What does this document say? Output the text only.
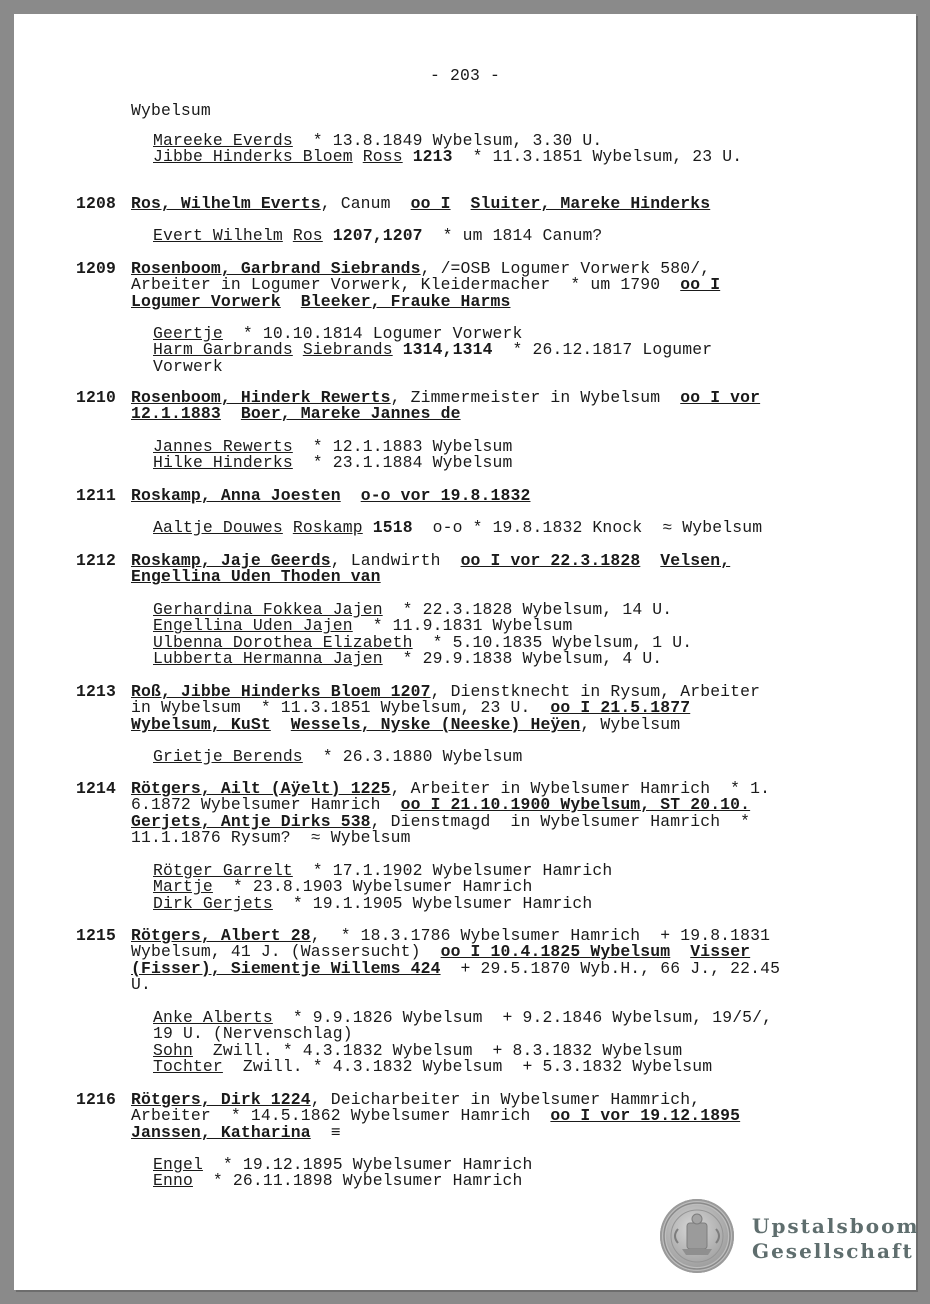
- 203 -
Wybelsum
Mareeke Everds  * 13.8.1849 Wybelsum, 3.30 U.
Jibbe Hinderks Bloem Ross 1213  * 11.3.1851 Wybelsum, 23 U.
1208 Ros, Wilhelm Everts, Canum  oo I Sluiter, Mareke Hinderks
Evert Wilhelm Ros 1207,1207  * um 1814 Canum?
1209 Rosenboom, Garbrand Siebrands, /=OSB Logumer Vorwerk 580/,
Arbeiter in Logumer Vorwerk, Kleidermacher  * um 1790  oo I
Logumer Vorwerk Bleeker, Frauke Harms
Geertje  * 10.10.1814 Logumer Vorwerk
Harm Garbrands Siebrands 1314,1314  * 26.12.1817 Logumer
Vorwerk
1210 Rosenboom, Hinderk Rewerts, Zimmermeister in Wybelsum  oo I vor
12.1.1883 Boer, Mareke Jannes de
Jannes Rewerts  * 12.1.1883 Wybelsum
Hilke Hinderks  * 23.1.1884 Wybelsum
1211 Roskamp, Anna Joesten o-o vor 19.8.1832
Aaltje Douwes Roskamp 1518  o-o * 19.8.1832 Knock  ≈ Wybelsum
1212 Roskamp, Jaje Geerds, Landwirth  oo I vor 22.3.1828 Velsen,
Engellina Uden Thoden van
Gerhardina Fokkea Jajen  * 22.3.1828 Wybelsum, 14 U.
Engellina Uden Jajen  * 11.9.1831 Wybelsum
Ulbenna Dorothea Elizabeth  * 5.10.1835 Wybelsum, 1 U.
Lubberta Hermanna Jajen  * 29.9.1838 Wybelsum, 4 U.
1213 Roß, Jibbe Hinderks Bloem 1207, Dienstknecht in Rysum, Arbeiter
in Wybelsum  * 11.3.1851 Wybelsum, 23 U.  oo I 21.5.1877
Wybelsum, KuSt Wessels, Nyske (Neeske) Heÿen, Wybelsum
Grietje Berends  * 26.3.1880 Wybelsum
1214 Rötgers, Ailt (Aÿelt) 1225, Arbeiter in Wybelsumer Hamrich  * 1.
6.1872 Wybelsumer Hamrich  oo I 21.10.1900 Wybelsum, ST 20.10.
Gerjets, Antje Dirks 538, Dienstmagd  in Wybelsumer Hamrich  *
11.1.1876 Rysum?  ≈ Wybelsum
Rötger Garrelt  * 17.1.1902 Wybelsumer Hamrich
Martje  * 23.8.1903 Wybelsumer Hamrich
Dirk Gerjets  * 19.1.1905 Wybelsumer Hamrich
1215 Rötgers, Albert 28,  * 18.3.1786 Wybelsumer Hamrich  + 19.8.1831
Wybelsum, 41 J. (Wassersucht)  oo I 10.4.1825 Wybelsum Visser
(Fisser), Siementje Willems 424  + 29.5.1870 Wyb.H., 66 J., 22.45
U.
Anke Alberts  * 9.9.1826 Wybelsum  + 9.2.1846 Wybelsum, 19/5/,
19 U. (Nervenschlag)
Sohn  Zwill. * 4.3.1832 Wybelsum  + 8.3.1832 Wybelsum
Tochter  Zwill. * 4.3.1832 Wybelsum  + 5.3.1832 Wybelsum
1216 Rötgers, Dirk 1224, Deicharbeiter in Wybelsumer Hammrich,
Arbeiter  * 14.5.1862 Wybelsumer Hamrich  oo I vor 19.12.1895
Janssen, Katharina  ≡
Engel  * 19.12.1895 Wybelsumer Hamrich
Enno  * 26.11.1898 Wybelsumer Hamrich
Upstalsboom
Gesellschaft
